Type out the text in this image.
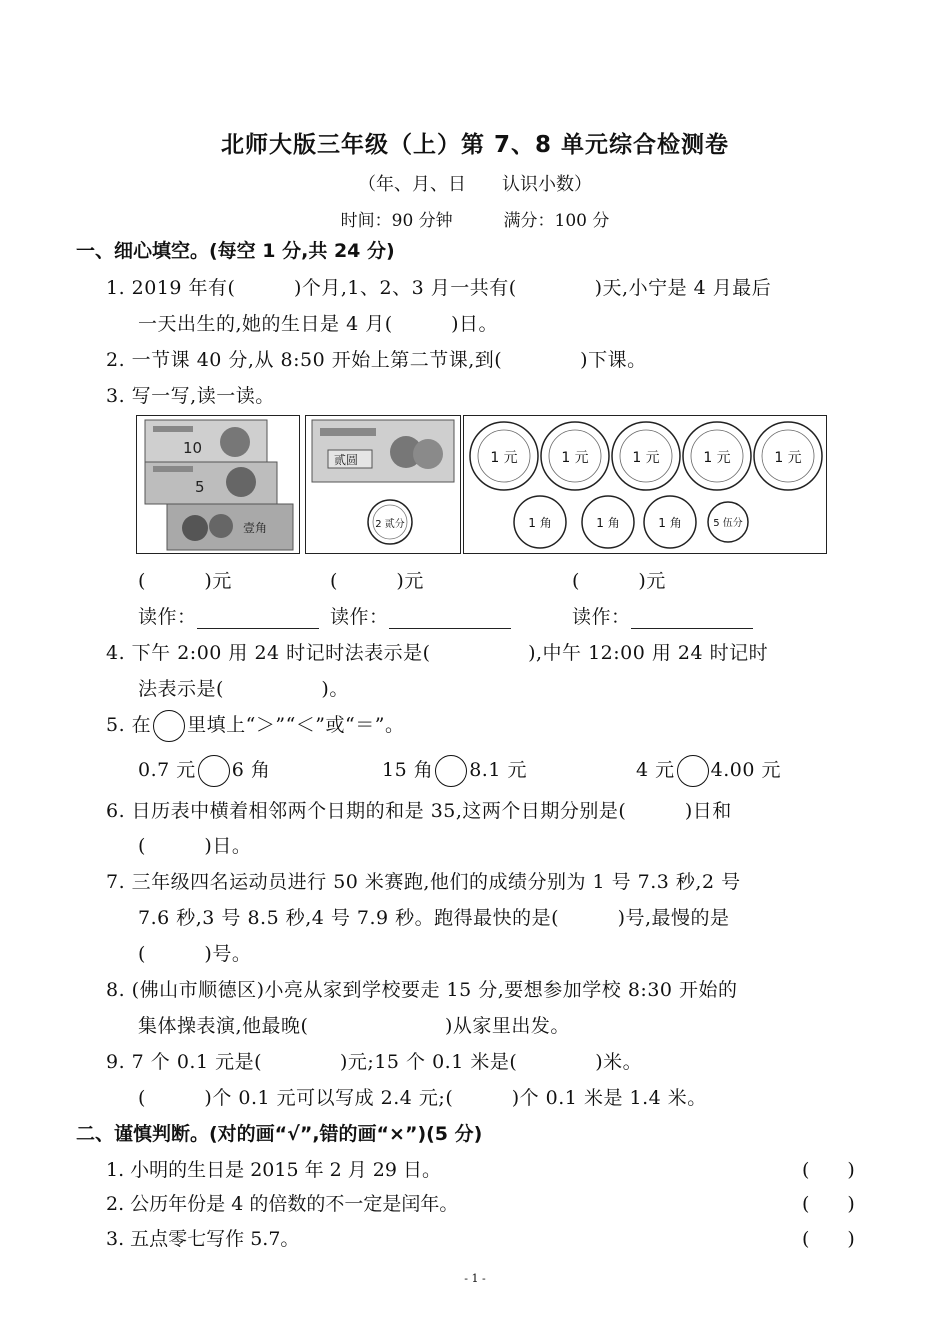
北师大版三年级（上）第 7、8 单元综合检测卷
（年、月、日　　认识小数）
时间：90 分钟	满分：100 分
一、细心填空。(每空 1 分,共 24 分)
1. 2019 年有(　　　)个月,1、2、3 月一共有(　　　　)天,小宁是 4 月最后
一天出生的,她的生日是 4 月(　　　)日。
2. 一节课 40 分,从 8:50 开始上第二节课,到(　　　　)下课。
3. 写一写,读一读。
10
5
壹角
贰圆
2 贰分
1 元	1 元	1 元	1 元	1 元
1 角	1 角	1 角	5 伍分
(　　　)元	(　　　)元	(　　　)元
读作：	读作：	读作：
4. 下午 2:00 用 24 时记时法表示是(　　　　　),中午 12:00 用 24 时记时
法表示是(　　　　　)。
5. 在 里填上“＞”“＜”或“＝”。
0.7 元 6 角	15 角 8.1 元	4 元 4.00 元
6. 日历表中横着相邻两个日期的和是 35,这两个日期分别是(　　　)日和
(　　　)日。
7. 三年级四名运动员进行 50 米赛跑,他们的成绩分别为 1 号 7.3 秒,2 号
7.6 秒,3 号 8.5 秒,4 号 7.9 秒。跑得最快的是(　　　)号,最慢的是
(　　　)号。
8. (佛山市顺德区)小亮从家到学校要走 15 分,要想参加学校 8:30 开始的
集体操表演,他最晚(　　　　　　　)从家里出发。
9. 7 个 0.1 元是(　　　　)元;15 个 0.1 米是(　　　　)米。
(　　　)个 0.1 元可以写成 2.4 元;(　　　)个 0.1 米是 1.4 米。
二、谨慎判断。(对的画“√”,错的画“×”)(5 分)
1. 小明的生日是 2015 年 2 月 29 日。	(　　)
2. 公历年份是 4 的倍数的不一定是闰年。	(　　)
3. 五点零七写作 5.7。	(　　)
- 1 -
